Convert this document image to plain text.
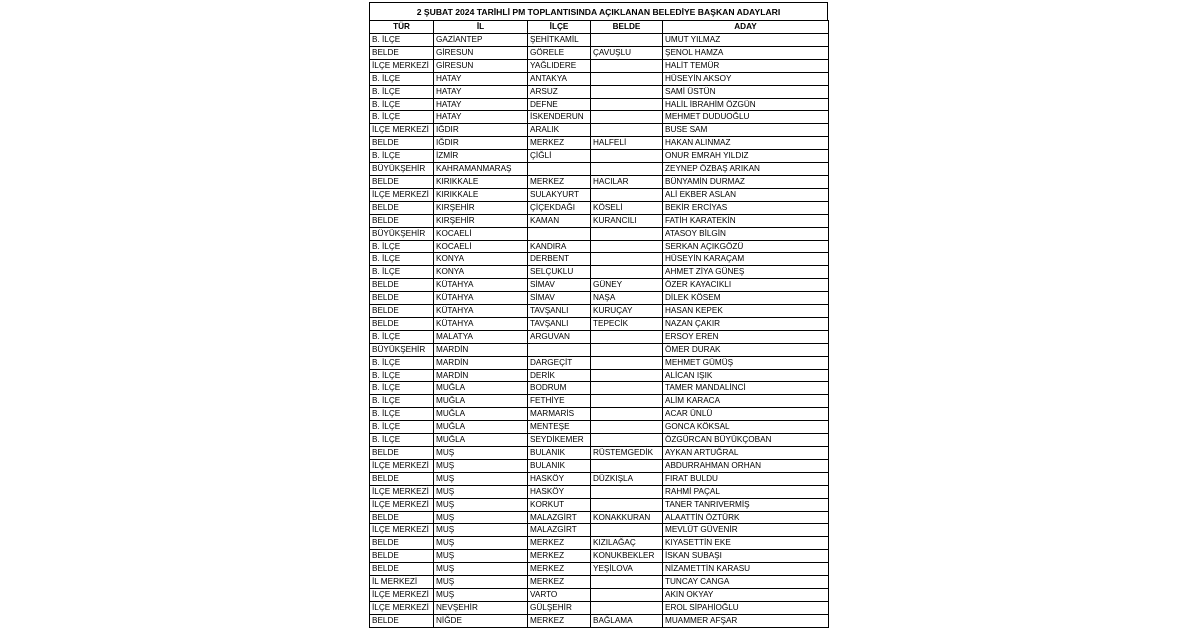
2 ŞUBAT 2024 TARİHLİ PM TOPLANTISINDA AÇIKLANAN BELEDİYE BAŞKAN ADAYLARI
TÜR	İL	İLÇE	BELDE	ADAY
B. İLÇE	GAZİANTEP	ŞEHİTKAMİL		UMUT YILMAZ
BELDE	GİRESUN	GÖRELE	ÇAVUŞLU	ŞENOL HAMZA
İLÇE MERKEZİ	GİRESUN	YAĞLIDERE		HALİT TEMÜR
B. İLÇE	HATAY	ANTAKYA		HÜSEYİN AKSOY
B. İLÇE	HATAY	ARSUZ		SAMİ ÜSTÜN
B. İLÇE	HATAY	DEFNE		HALİL İBRAHİM ÖZGÜN
B. İLÇE	HATAY	İSKENDERUN		MEHMET DUDUOĞLU
İLÇE MERKEZİ	IĞDIR	ARALIK		BUSE SAM
BELDE	IĞDIR	MERKEZ	HALFELİ	HAKAN ALINMAZ
B. İLÇE	İZMİR	ÇİĞLİ		ONUR EMRAH YILDIZ
BÜYÜKŞEHİR	KAHRAMANMARAŞ			ZEYNEP ÖZBAŞ ARIKAN
BELDE	KIRIKKALE	MERKEZ	HACILAR	BÜNYAMİN DURMAZ
İLÇE MERKEZİ	KIRIKKALE	SULAKYURT		ALİ EKBER ASLAN
BELDE	KIRŞEHİR	ÇİÇEKDAĞI	KÖSELİ	BEKİR ERCİYAS
BELDE	KIRŞEHİR	KAMAN	KURANCILI	FATİH KARATEKİN
BÜYÜKŞEHİR	KOCAELİ			ATASOY BİLGİN
B. İLÇE	KOCAELİ	KANDIRA		SERKAN AÇIKGÖZÜ
B. İLÇE	KONYA	DERBENT		HÜSEYİN KARAÇAM
B. İLÇE	KONYA	SELÇUKLU		AHMET ZİYA GÜNEŞ
BELDE	KÜTAHYA	SİMAV	GÜNEY	ÖZER KAYACIKLI
BELDE	KÜTAHYA	SİMAV	NAŞA	DİLEK KÖSEM
BELDE	KÜTAHYA	TAVŞANLI	KURUÇAY	HASAN KEPEK
BELDE	KÜTAHYA	TAVŞANLI	TEPECİK	NAZAN ÇAKIR
B. İLÇE	MALATYA	ARGUVAN		ERSOY EREN
BÜYÜKŞEHİR	MARDİN			ÖMER DURAK
B. İLÇE	MARDİN	DARGEÇİT		MEHMET GÜMÜŞ
B. İLÇE	MARDİN	DERİK		ALİCAN IŞIK
B. İLÇE	MUĞLA	BODRUM		TAMER MANDALİNCİ
B. İLÇE	MUĞLA	FETHİYE		ALİM KARACA
B. İLÇE	MUĞLA	MARMARİS		ACAR ÜNLÜ
B. İLÇE	MUĞLA	MENTEŞE		GONCA KÖKSAL
B. İLÇE	MUĞLA	SEYDİKEMER		ÖZGÜRCAN BÜYÜKÇOBAN
BELDE	MUŞ	BULANIK	RÜSTEMGEDİK	AYKAN ARTUĞRAL
İLÇE MERKEZİ	MUŞ	BULANIK		ABDURRAHMAN ORHAN
BELDE	MUŞ	HASKÖY	DÜZKIŞLA	FIRAT BULDU
İLÇE MERKEZİ	MUŞ	HASKÖY		RAHMİ PAÇAL
İLÇE MERKEZİ	MUŞ	KORKUT		TANER TANRIVERMİŞ
BELDE	MUŞ	MALAZGİRT	KONAKKURAN	ALAATTİN ÖZTÜRK
İLÇE MERKEZİ	MUŞ	MALAZGİRT		MEVLÜT GÜVENİR
BELDE	MUŞ	MERKEZ	KIZILAĞAÇ	KIYASETTİN EKE
BELDE	MUŞ	MERKEZ	KONUKBEKLER	İSKAN SUBAŞI
BELDE	MUŞ	MERKEZ	YEŞİLOVA	NİZAMETTİN KARASU
İL MERKEZİ	MUŞ	MERKEZ		TUNCAY CANGA
İLÇE MERKEZİ	MUŞ	VARTO		AKIN OKYAY
İLÇE MERKEZİ	NEVŞEHİR	GÜLŞEHİR		EROL SİPAHİOĞLU
BELDE	NİĞDE	MERKEZ	BAĞLAMA	MUAMMER AFŞAR
